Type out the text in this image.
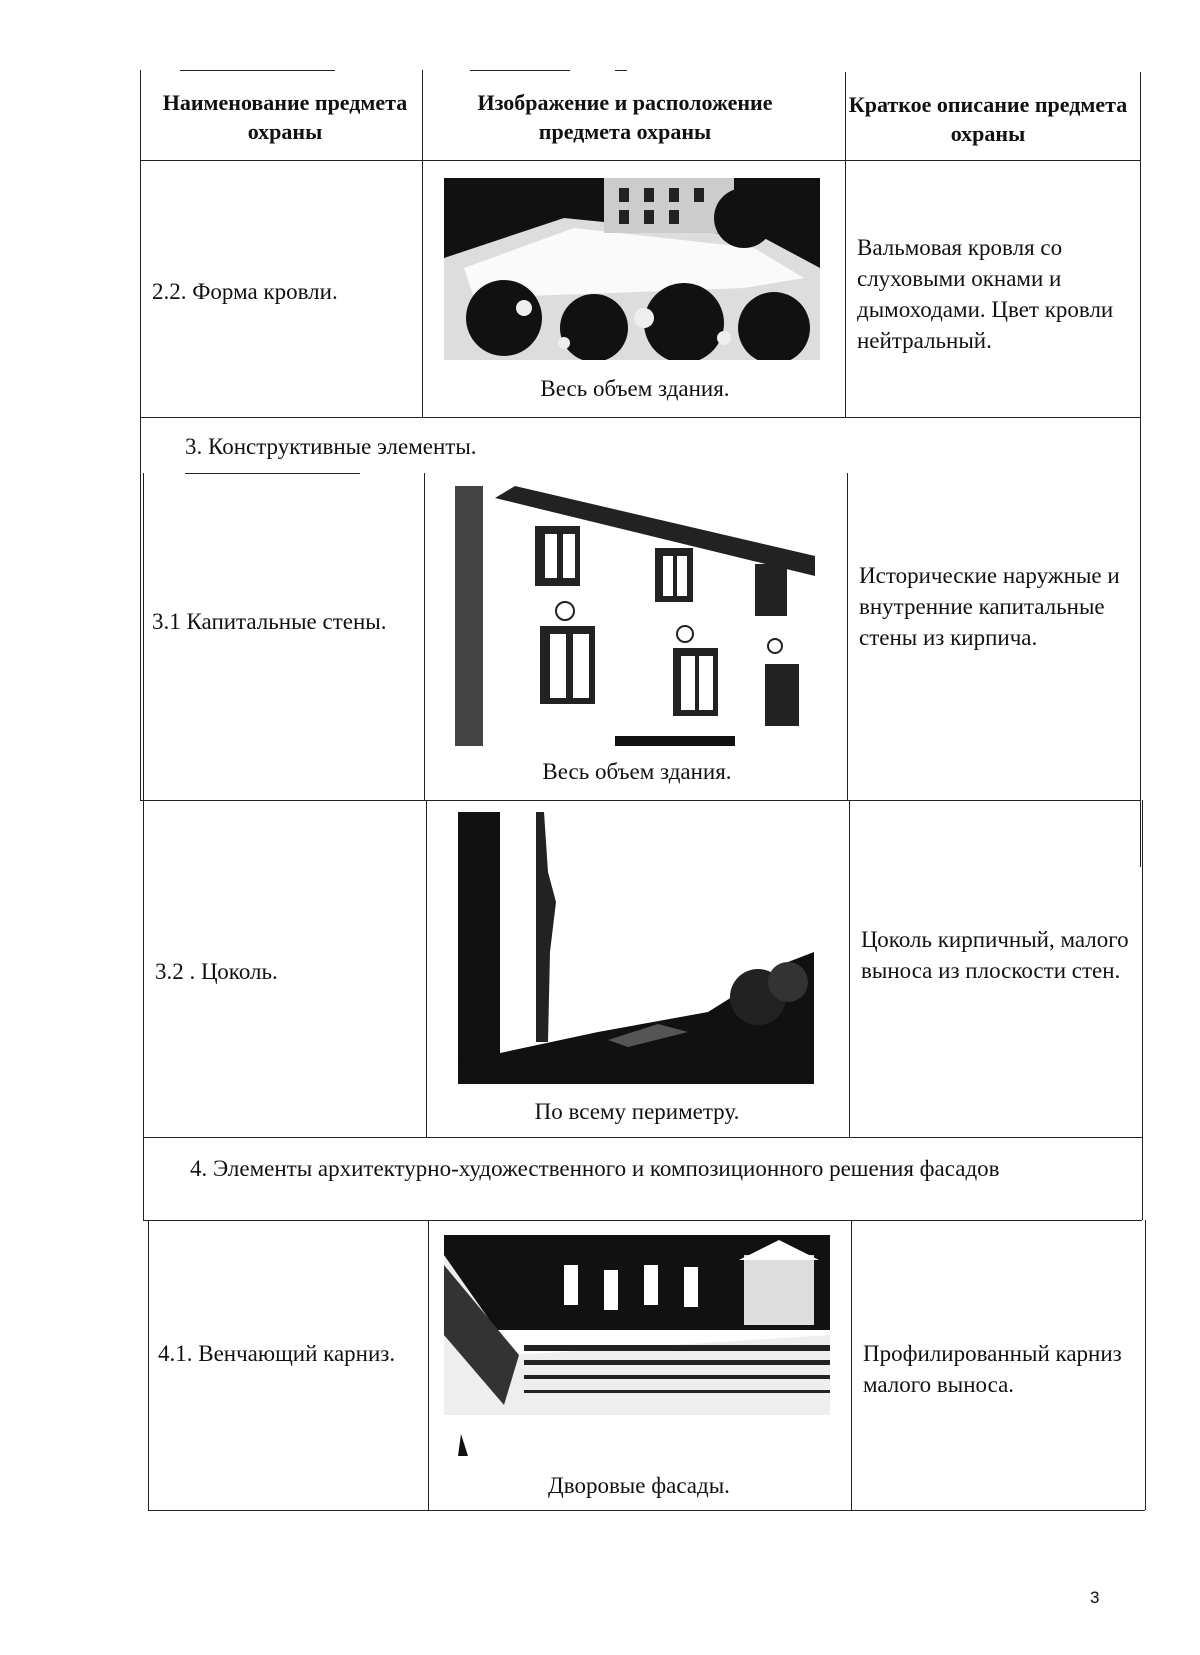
Наименование предмета охраны
Изображение и расположение предмета охраны
Краткое описание предмета охраны
2.2. Форма кровли.
Весь объем здания.
Вальмовая кровля со слуховыми окнами и дымоходами. Цвет кровли нейтральный.
3. Конструктивные элементы.
3.1 Капитальные стены.
Весь объем здания.
Исторические наружные и внутренние капитальные стены из кирпича.
3.2 . Цоколь.
По всему периметру.
Цоколь кирпичный, малого выноса из плоскости стен.
4. Элементы архитектурно-художественного и композиционного решения фасадов
4.1. Венчающий карниз.
Дворовые фасады.
Профилированный карниз малого выноса.
3
